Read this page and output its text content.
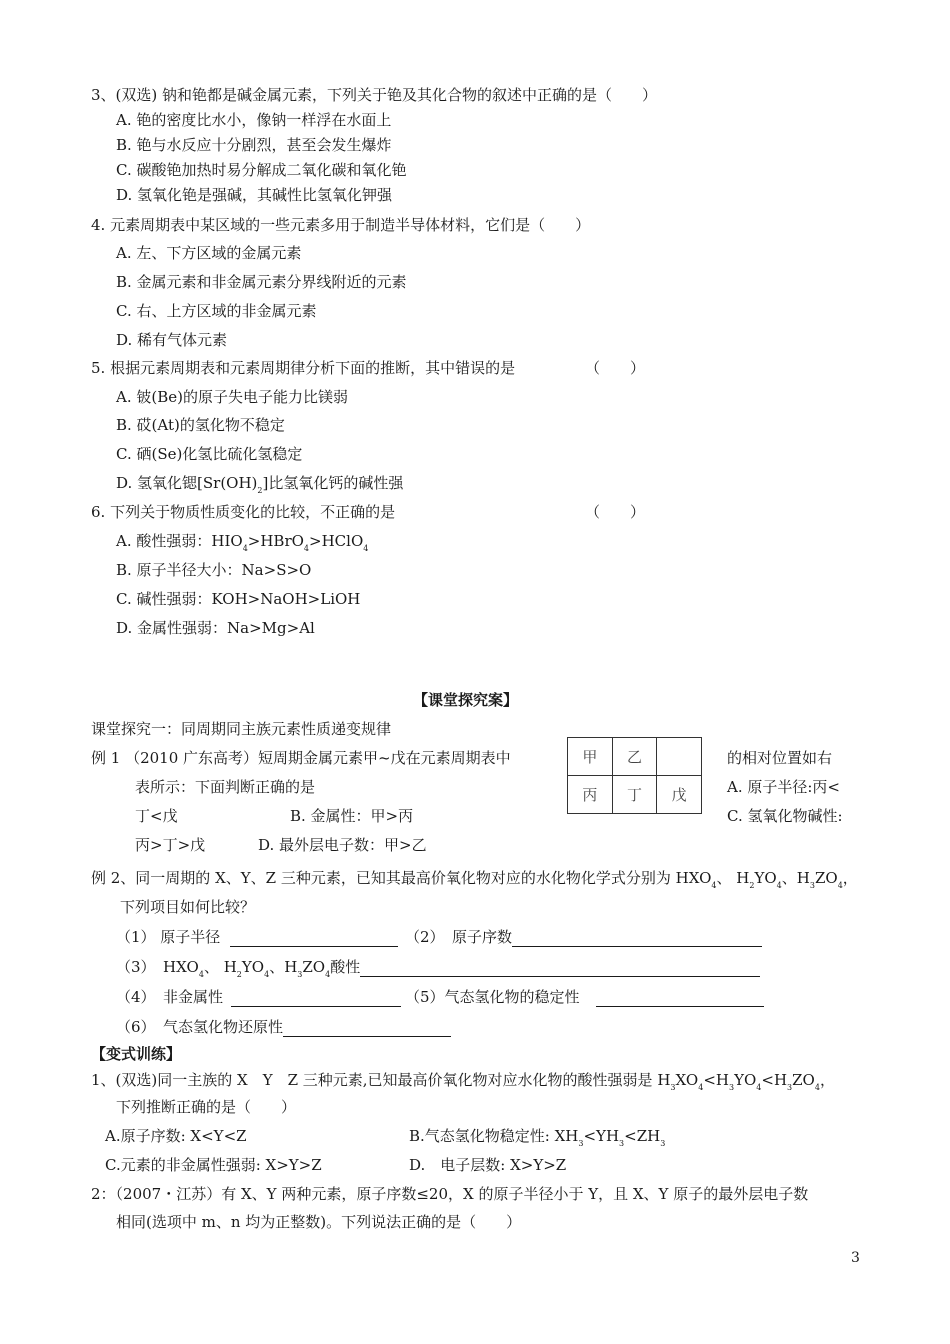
3、(双选) 钠和铯都是碱金属元素，下列关于铯及其化合物的叙述中正确的是（　　）
A. 铯的密度比水小，像钠一样浮在水面上
B. 铯与水反应十分剧烈，甚至会发生爆炸
C. 碳酸铯加热时易分解成二氧化碳和氧化铯
D. 氢氧化铯是强碱，其碱性比氢氧化钾强
4. 元素周期表中某区域的一些元素多用于制造半导体材料，它们是（　　）
A. 左、下方区域的金属元素
B. 金属元素和非金属元素分界线附近的元素
C. 右、上方区域的非金属元素
D. 稀有气体元素
5. 根据元素周期表和元素周期律分析下面的推断，其中错误的是	（　　）
A. 铍(Be)的原子失电子能力比镁弱
B. 砹(At)的氢化物不稳定
C. 硒(Se)化氢比硫化氢稳定
D. 氢氧化锶$[Sr(OH)_2]$比氢氧化钙的碱性强
6. 下列关于物质性质变化的比较，不正确的是	（　　）
A. 酸性强弱：$HIO_4>HBrO_4>HClO_4$
B. 原子半径大小：Na>S>O
C. 碱性强弱：KOH>NaOH>LiOH
D. 金属性强弱：Na>Mg>Al
【课堂探究案】
课堂探究一：同周期同主族元素性质递变规律
例 1 （2010 广东高考）短周期金属元素甲~戊在元素周期表中	的相对位置如右
表所示：下面判断正确的是	A. 原子半径:丙<
丁<戊	B. 金属性：甲>丙	C. 氢氧化物碱性:
丙>丁>戊	D. 最外层电子数：甲>乙
甲	乙	
丙	丁	戊
例 2、同一周期的 X、Y、Z 三种元素，已知其最高价氧化物对应的水化物化学式分别为 $HXO_4$、 $H_2YO_4$、$H_3ZO_4$，
下列项目如何比较？
（1） 原子半径	（2）　原子序数
（3）　$HXO_4$、 $H_2YO_4$、$H_3ZO_4$酸性
（4）　非金属性	（5）气态氢化物的稳定性
（6）　气态氢化物还原性
【变式训练】
1、(双选)同一主族的 X　Y　Z 三种元素,已知最高价氧化物对应水化物的酸性强弱是 $H_3XO_4<H_3YO_4<H_3ZO_4$，
下列推断正确的是（　　）
A.原子序数: X<Y<Z	B.气态氢化物稳定性: $XH_3<YH_3<ZH_3$
C.元素的非金属性强弱: X>Y>Z	D.　电子层数: X>Y>Z
2：（2007・江苏）有 X、Y 两种元素，原子序数≤20，X 的原子半径小于 Y，且 X、Y 原子的最外层电子数
相同(选项中 m、n 均为正整数)。下列说法正确的是（　　）
3
